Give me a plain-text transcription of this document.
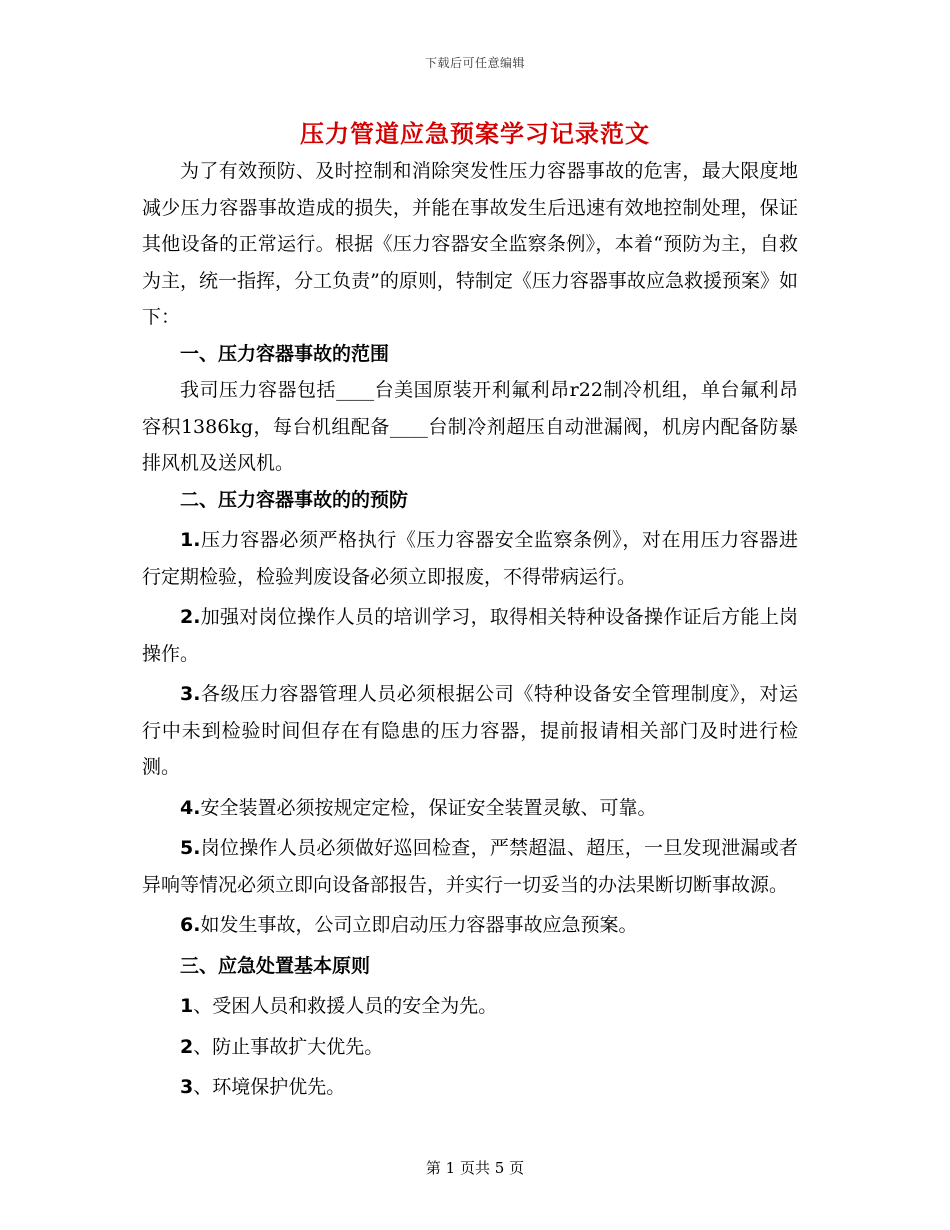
下载后可任意编辑
压力管道应急预案学习记录范文

为了有效预防、及时控制和消除突发性压力容器事故的危害，最大限度地减少压力容器事故造成的损失，并能在事故发生后迅速有效地控制处理，保证其他设备的正常运行。根据《压力容器安全监察条例》，本着“预防为主，自救为主，统一指挥，分工负责”的原则，特制定《压力容器事故应急救援预案》如下：

一、压力容器事故的范围

我司压力容器包括____台美国原装开利氟利昂r22制冷机组，单台氟利昂容积1386kg，每台机组配备____台制冷剂超压自动泄漏阀，机房内配备防暴排风机及送风机。

二、压力容器事故的的预防

1.压力容器必须严格执行《压力容器安全监察条例》，对在用压力容器进行定期检验，检验判废设备必须立即报废，不得带病运行。

2.加强对岗位操作人员的培训学习，取得相关特种设备操作证后方能上岗操作。

3.各级压力容器管理人员必须根据公司《特种设备安全管理制度》，对运行中未到检验时间但存在有隐患的压力容器，提前报请相关部门及时进行检测。

4.安全装置必须按规定定检，保证安全装置灵敏、可靠。

5.岗位操作人员必须做好巡回检查，严禁超温、超压，一旦发现泄漏或者异响等情况必须立即向设备部报告，并实行一切妥当的办法果断切断事故源。

6.如发生事故，公司立即启动压力容器事故应急预案。

三、应急处置基本原则

1、受困人员和救援人员的安全为先。

2、防止事故扩大优先。

3、环境保护优先。

第 1 页共 5 页
